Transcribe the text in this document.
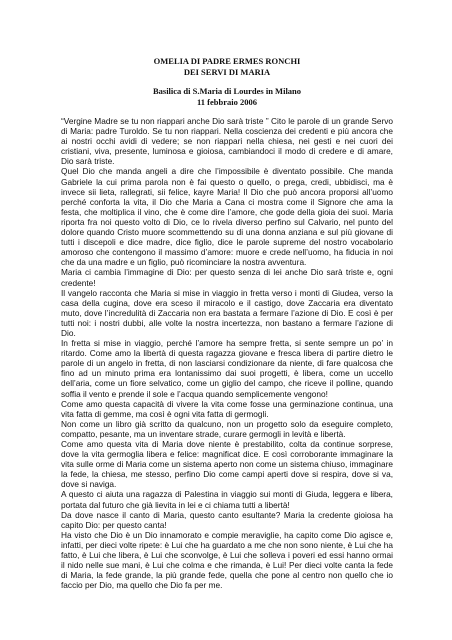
OMELIA DI PADRE ERMES RONCHI
DEI SERVI DI MARIA
Basilica di S.Maria di Lourdes in Milano
11 febbraio 2006

“Vergine Madre se tu non riappari anche Dio sarà triste ” Cito le parole di un grande Servo di Maria: padre Turoldo. Se tu non riappari. Nella coscienza dei credenti e più ancora che ai nostri occhi avidi di vedere; se non riappari nella chiesa, nei gesti e nei cuori dei cristiani, viva, presente, luminosa e gioiosa, cambiandoci il modo di credere e di amare, Dio sarà triste.

Quel Dio che manda angeli a dire che l’impossibile è diventato possibile. Che manda Gabriele la cui prima parola non è fai questo o quello, o prega, credi, ubbidisci, ma è invece sii lieta, rallegrati, sii felice, kayre Maria! Il Dio che può ancora proporsi all’uomo perché conforta la vita, il Dio che Maria a Cana ci mostra come il Signore che ama la festa, che moltiplica il vino, che è come dire l’amore, che gode della gioia dei suoi. Maria riporta fra noi questo volto di Dio, ce lo rivela diverso perfino sul Calvario, nel punto del dolore quando Cristo muore scommettendo su di una donna anziana e sul più giovane di tutti i discepoli e dice madre, dice figlio, dice le parole supreme del nostro vocabolario amoroso che contengono il massimo d’amore: muore e crede nell’uomo, ha fiducia in noi che da una madre e un figlio, può ricominciare la nostra avventura.

Maria ci cambia l’immagine di Dio: per questo senza di lei anche Dio sarà triste e, ogni credente!

Il vangelo racconta che Maria si mise in viaggio in fretta verso i monti di Giudea, verso la casa della cugina, dove era sceso il miracolo e il castigo, dove Zaccaria era diventato muto, dove l’incredulità di Zaccaria non era bastata a fermare l’azione di Dio. E così è per tutti noi: i nostri dubbi, alle volte la nostra incertezza, non bastano a fermare l’azione di Dio.

In fretta si mise in viaggio, perché l’amore ha sempre fretta, si sente sempre un po’ in ritardo. Come amo la libertà di questa ragazza giovane e fresca libera di partire dietro le parole di un angelo in fretta, di non lasciarsi condizionare da niente, di fare qualcosa che fino ad un minuto prima era lontanissimo dai suoi progetti, è libera, come un uccello dell’aria, come un fiore selvatico, come un giglio del campo, che riceve il polline, quando soffia il vento e prende il sole e l’acqua quando semplicemente vengono!

Come amo questa capacità di vivere la vita come fosse una germinazione continua, una vita fatta di gemme, ma così è ogni vita fatta di germogli.

Non come un libro già scritto da qualcuno, non un progetto solo da eseguire completo, compatto, pesante, ma un inventare strade, curare germogli in levità e libertà.

Come amo questa vita di Maria dove niente è prestabilito, colta da continue sorprese, dove la vita germoglia libera e felice: magnificat dice. E così corroborante immaginare la vita sulle orme di Maria come un sistema aperto non come un sistema chiuso, immaginare la fede, la chiesa, me stesso, perfino Dio come campi aperti dove si respira, dove si va, dove si naviga.

A questo ci aiuta una ragazza di Palestina in viaggio sui monti di Giuda, leggera e libera, portata dal futuro che già lievita in lei e ci chiama tutti a libertà!

Da dove nasce il canto di Maria, questo canto esultante? Maria la credente gioiosa ha capito Dio: per questo canta!

Ha visto che Dio è un Dio innamorato e compie meraviglie, ha capito come Dio agisce e, infatti, per dieci volte ripete: è Lui che ha guardato a me che non sono niente, è Lui che ha fatto, è Lui che libera, è Lui che sconvolge, è Lui che solleva i poveri ed essi hanno ormai il nido nelle sue mani, è Lui che colma e che rimanda, è Lui! Per dieci volte canta la fede di Maria, la fede grande, la più grande fede, quella che pone al centro non quello che io faccio per Dio, ma quello che Dio fa per me.
